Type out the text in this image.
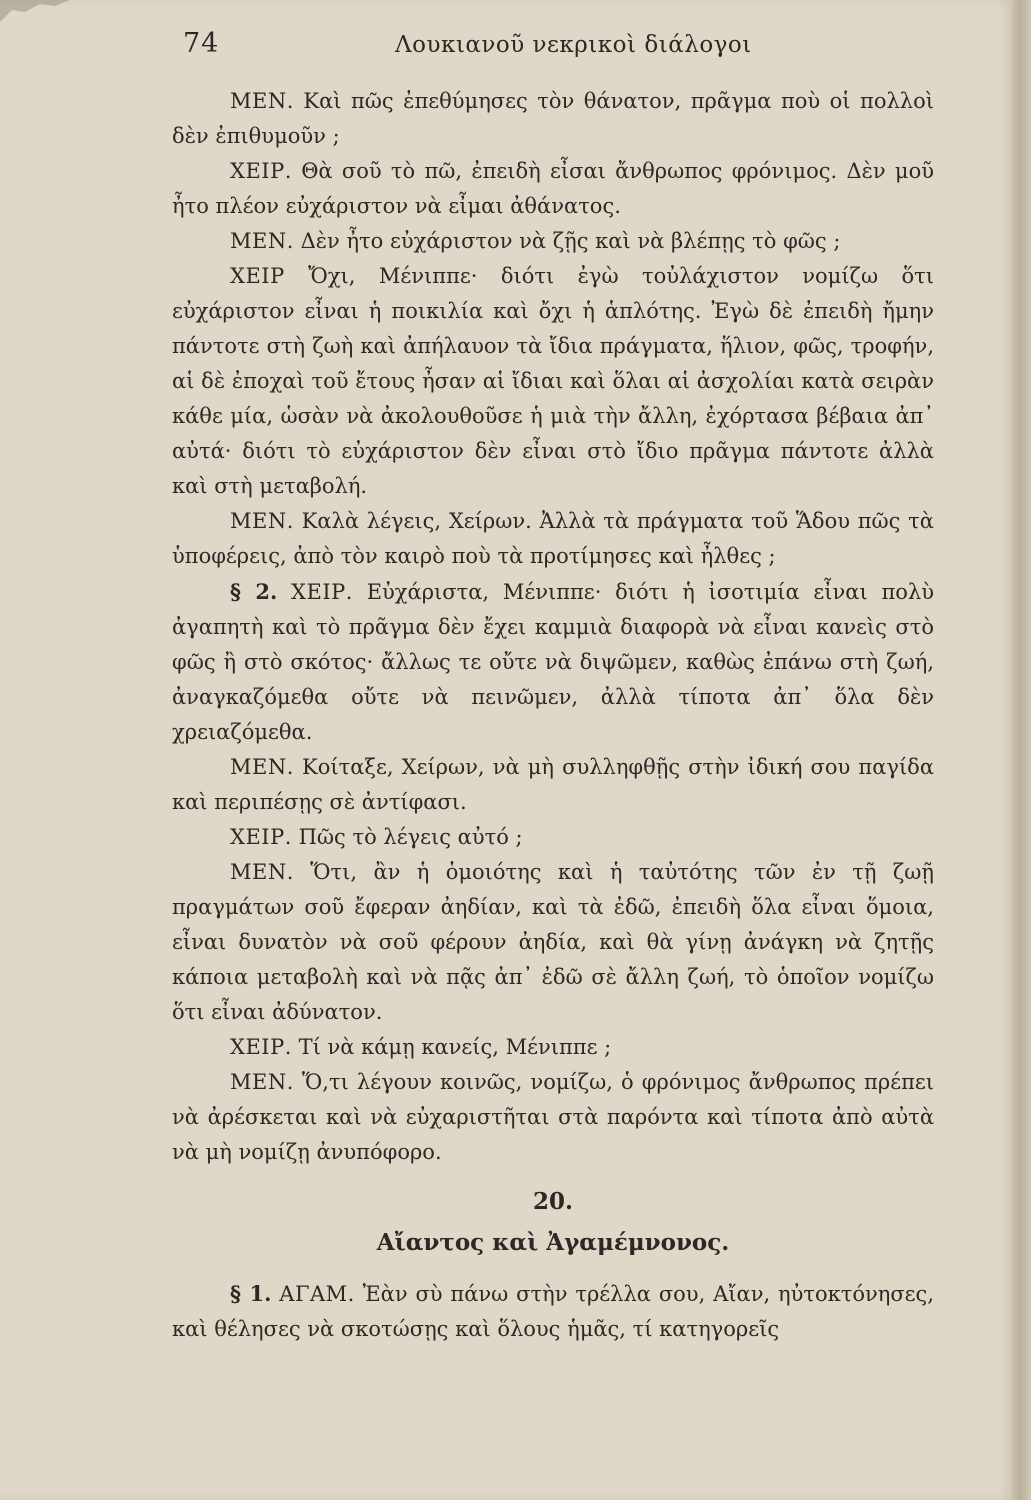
74	Λουκιανοῦ νεκρικοὶ διάλογοι

ΜΕΝ. Καὶ πῶς ἐπεθύμησες τὸν θάνατον, πρᾶγμα ποὺ οἱ πολλοὶ δὲν ἐπιθυμοῦν ;

ΧΕΙΡ. Θὰ σοῦ τὸ πῶ, ἐπειδὴ εἶσαι ἄνθρωπος φρόνιμος. Δὲν μοῦ ἦτο πλέον εὐχάριστον νὰ εἶμαι ἀθάνατος.

ΜΕΝ. Δὲν ἦτο εὐχάριστον νὰ ζῇς καὶ νὰ βλέπῃς τὸ φῶς ;

ΧΕΙΡ Ὄχι, Μένιππε· διότι ἐγὼ τοὐλάχιστον νομίζω ὅτι εὐχάριστον εἶναι ἡ ποικιλία καὶ ὄχι ἡ ἁπλότης. Ἐγὼ δὲ ἐπειδὴ ἤμην πάντοτε στὴ ζωὴ καὶ ἀπήλαυον τὰ ἴδια πράγματα, ἥλιον, φῶς, τροφήν, αἱ δὲ ἐποχαὶ τοῦ ἔτους ἦσαν αἱ ἴδιαι καὶ ὅλαι αἱ ἀσχολίαι κατὰ σειρὰν κάθε μία, ὡσὰν νὰ ἀκολουθοῦσε ἡ μιὰ τὴν ἄλλη, ἐχόρτασα βέβαια ἀπ᾽ αὐτά· διότι τὸ εὐχάριστον δὲν εἶναι στὸ ἴδιο πρᾶγμα πάντοτε ἀλλὰ καὶ στὴ μεταβολή.

ΜΕΝ. Καλὰ λέγεις, Χείρων. Ἀλλὰ τὰ πράγματα τοῦ Ἅδου πῶς τὰ ὑποφέρεις, ἀπὸ τὸν καιρὸ ποὺ τὰ προτίμησες καὶ ἦλθες ;

§ 2. ΧΕΙΡ. Εὐχάριστα, Μένιππε· διότι ἡ ἰσοτιμία εἶναι πολὺ ἀγαπητὴ καὶ τὸ πρᾶγμα δὲν ἔχει καμμιὰ διαφορὰ νὰ εἶναι κανεὶς στὸ φῶς ἢ στὸ σκότος· ἄλλως τε οὔτε νὰ διψῶμεν, καθὼς ἐπάνω στὴ ζωή, ἀναγκαζόμεθα οὔτε νὰ πεινῶμεν, ἀλλὰ τίποτα ἀπ᾽ ὅλα δὲν χρειαζόμεθα.

ΜΕΝ. Κοίταξε, Χείρων, νὰ μὴ συλληφθῇς στὴν ἰδική σου παγίδα καὶ περιπέσῃς σὲ ἀντίφασι.

ΧΕΙΡ. Πῶς τὸ λέγεις αὐτό ;

ΜΕΝ. Ὅτι, ἂν ἡ ὁμοιότης καὶ ἡ ταὐτότης τῶν ἐν τῇ ζωῇ πραγμάτων σοῦ ἔφεραν ἀηδίαν, καὶ τὰ ἐδῶ, ἐπειδὴ ὅλα εἶναι ὅμοια, εἶναι δυνατὸν νὰ σοῦ φέρουν ἀηδία, καὶ θὰ γίνῃ ἀνάγκη νὰ ζητῇς κάποια μεταβολὴ καὶ νὰ πᾷς ἀπ᾽ ἐδῶ σὲ ἄλλη ζωή, τὸ ὁποῖον νομίζω ὅτι εἶναι ἀδύνατον.

ΧΕΙΡ. Τί νὰ κάμῃ κανείς, Μένιππε ;

ΜΕΝ. Ὅ,τι λέγουν κοινῶς, νομίζω, ὁ φρόνιμος ἄνθρωπος πρέπει νὰ ἀρέσκεται καὶ νὰ εὐχαριστῆται στὰ παρόντα καὶ τίποτα ἀπὸ αὐτὰ νὰ μὴ νομίζῃ ἀνυπόφορο.

20.
Αἴαντος καὶ Ἀγαμέμνονος.

§ 1. ΑΓΑΜ. Ἐὰν σὺ πάνω στὴν τρέλλα σου, Αἴαν, ηὐτοκτόνησες, καὶ θέλησες νὰ σκοτώσῃς καὶ ὅλους ἡμᾶς, τί κατηγορεῖς
